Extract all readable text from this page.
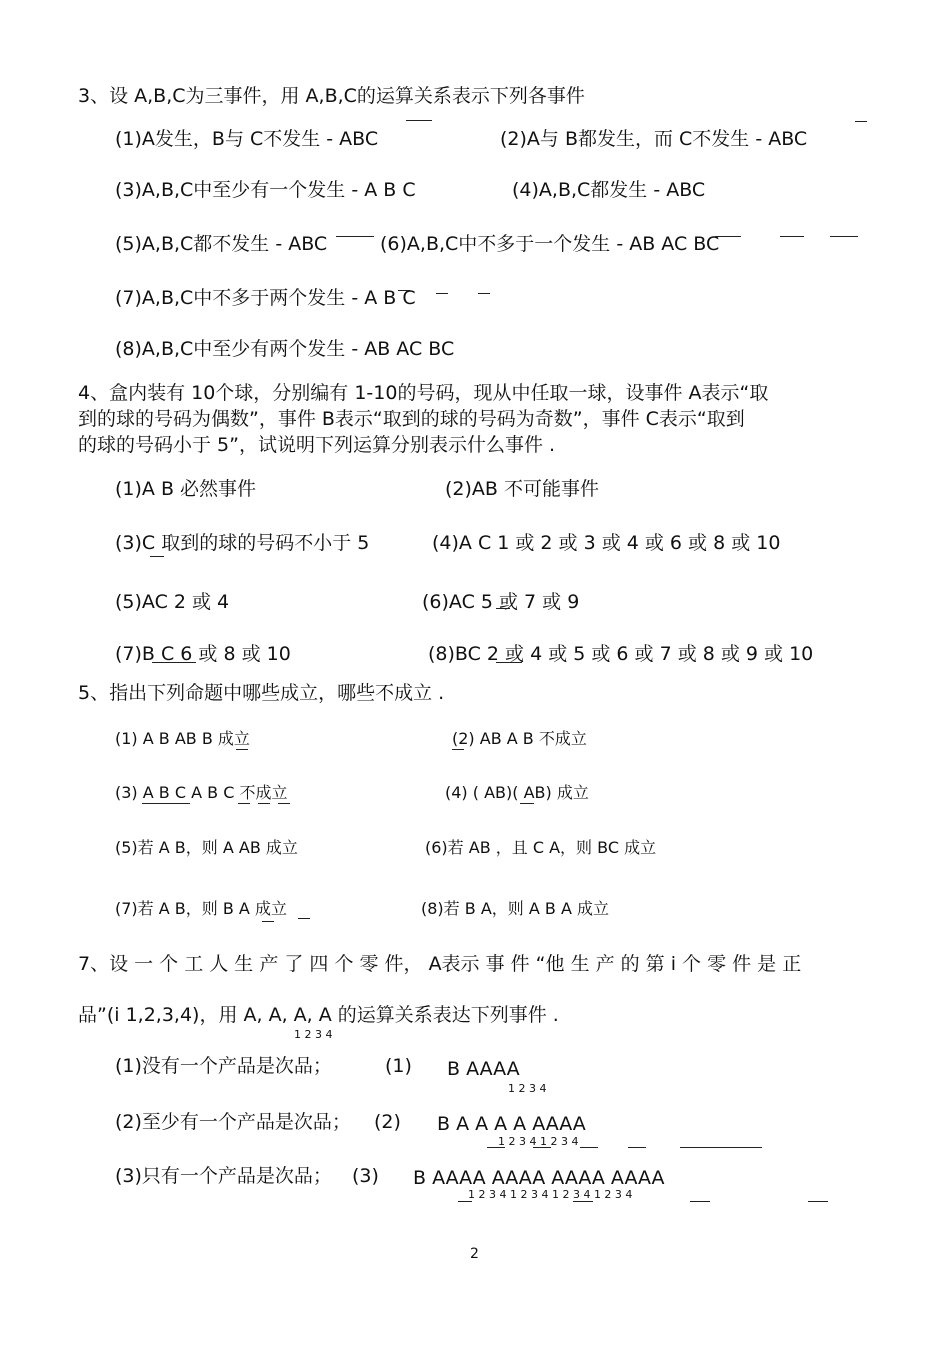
3、设 A,B,C为三事件，用 A,B,C的运算关系表示下列各事件
(1)A发生，B与 C不发生 - ABC	(2)A与 B都发生，而 C不发生 - ABC
(3)A,B,C中至少有一个发生 - A B C	(4)A,B,C都发生 - ABC
(5)A,B,C都不发生 - ABC	(6)A,B,C中不多于一个发生 - AB AC BC
(7)A,B,C中不多于两个发生 - A B C
(8)A,B,C中至少有两个发生 - AB AC BC
4、盒内装有 10个球，分别编有 1-10的号码，现从中任取一球，设事件 A表示“取
到的球的号码为偶数”，事件 B表示“取到的球的号码为奇数”，事件 C表示“取到
的球的号码小于 5”，试说明下列运算分别表示什么事件 .
(1)A B 必然事件	(2)AB 不可能事件
(3)C 取到的球的号码不小于 5	(4)A C 1 或 2 或 3 或 4 或 6 或 8 或 10
(5)AC 2 或 4	(6)AC 5 或 7 或 9
(7)B C 6 或 8 或 10	(8)BC 2 或 4 或 5 或 6 或 7 或 8 或 9 或 10
5、指出下列命题中哪些成立，哪些不成立 .
(1) A B AB B 成立	(2) AB A B 不成立
(3) A B C A B C 不成立	(4) ( AB)( AB) 成立
(5)若 A B，则 A AB 成立	(6)若 AB ，且 C A，则 BC 成立
(7)若 A B，则 B A 成立	(8)若 B A，则 A B A 成立
7、设 一 个 工 人 生 产 了 四 个 零 件， A表示 事 件 “他 生 产 的 第 i 个 零 件 是 正
品”(i 1,2,3,4)，用 A, A, A, A 的运算关系表达下列事件 .
1 2 3 4
(1)没有一个产品是次品；	(1) B AAAA
1 2 3 4
(2)至少有一个产品是次品； (2) B A A A A AAAA
1 2 3 4 1 2 3 4
(3)只有一个产品是次品； (3) B AAAA AAAA AAAA AAAA
1 2 3 4 1 2 3 4 1 2 3 4 1 2 3 4
2
